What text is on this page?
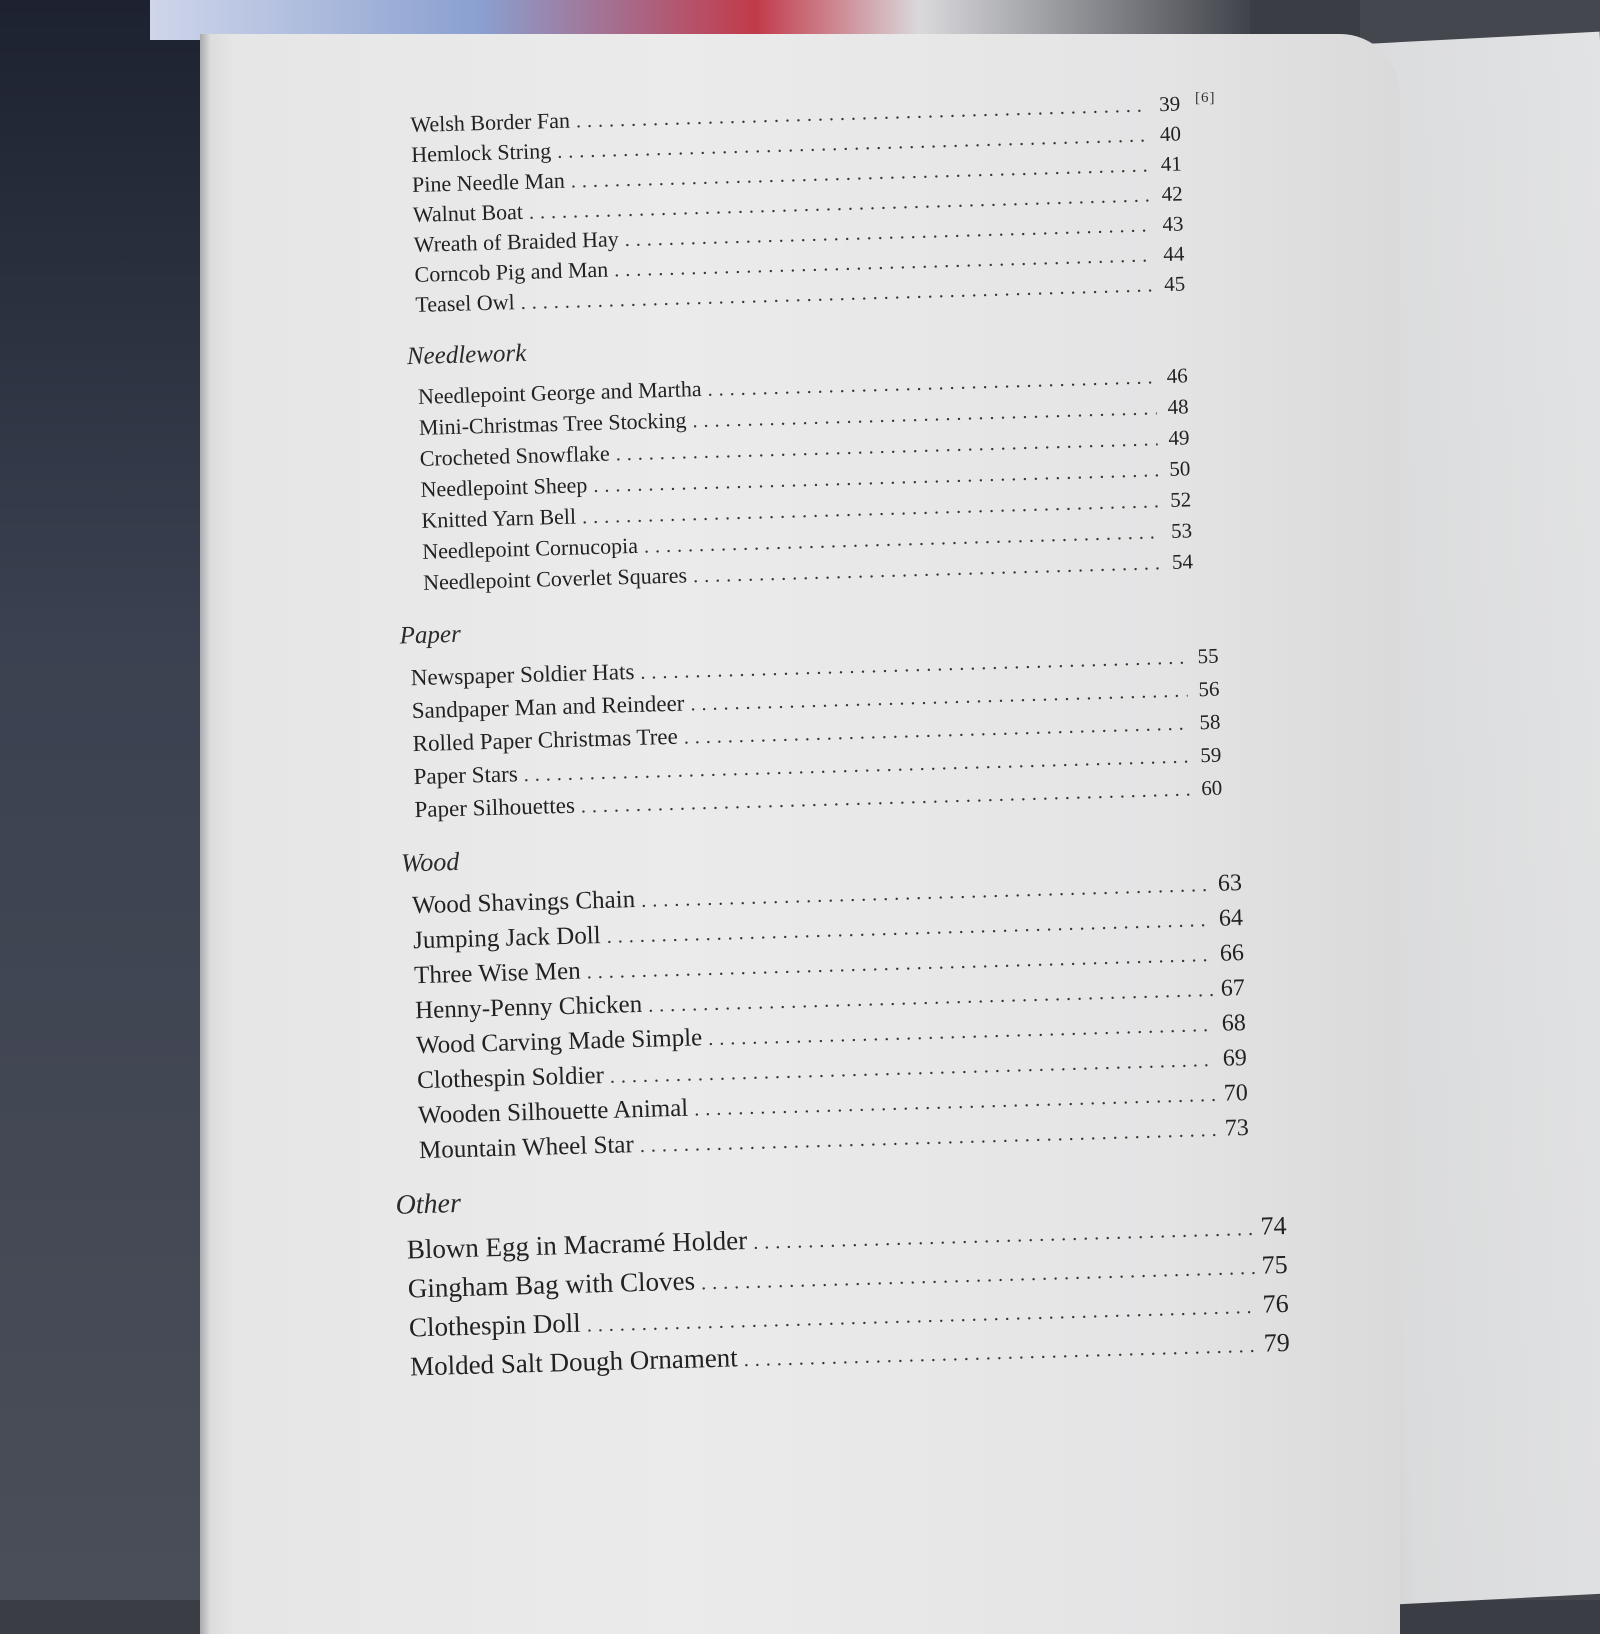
[6]
Welsh Border Fan
.....
39
Hemlock String
.....
40
Pine Needle Man
.....
41
Walnut Boat
.....
42
Wreath of Braided Hay
.....
43
Corncob Pig and Man
.....
44
Teasel Owl
.....
45
Needlework
Needlepoint George and Martha
.....
46
Mini-Christmas Tree Stocking
.....
48
Crocheted Snowflake
.....
49
Needlepoint Sheep
.....
50
Knitted Yarn Bell
.....
52
Needlepoint Cornucopia
.....
53
Needlepoint Coverlet Squares
.....
54
Paper
Newspaper Soldier Hats
.....
55
Sandpaper Man and Reindeer
.....
56
Rolled Paper Christmas Tree
.....
58
Paper Stars
.....
59
Paper Silhouettes
.....
60
Wood
Wood Shavings Chain
.....
63
Jumping Jack Doll
.....
64
Three Wise Men
.....
66
Henny-Penny Chicken
.....
67
Wood Carving Made Simple
.....
68
Clothespin Soldier
.....
69
Wooden Silhouette Animal
.....
70
Mountain Wheel Star
.....
73
Other
Blown Egg in Macramé Holder .....	74
Gingham Bag with Cloves
.....
75
Clothespin Doll
.....
76
Molded Salt Dough Ornament .....	79
